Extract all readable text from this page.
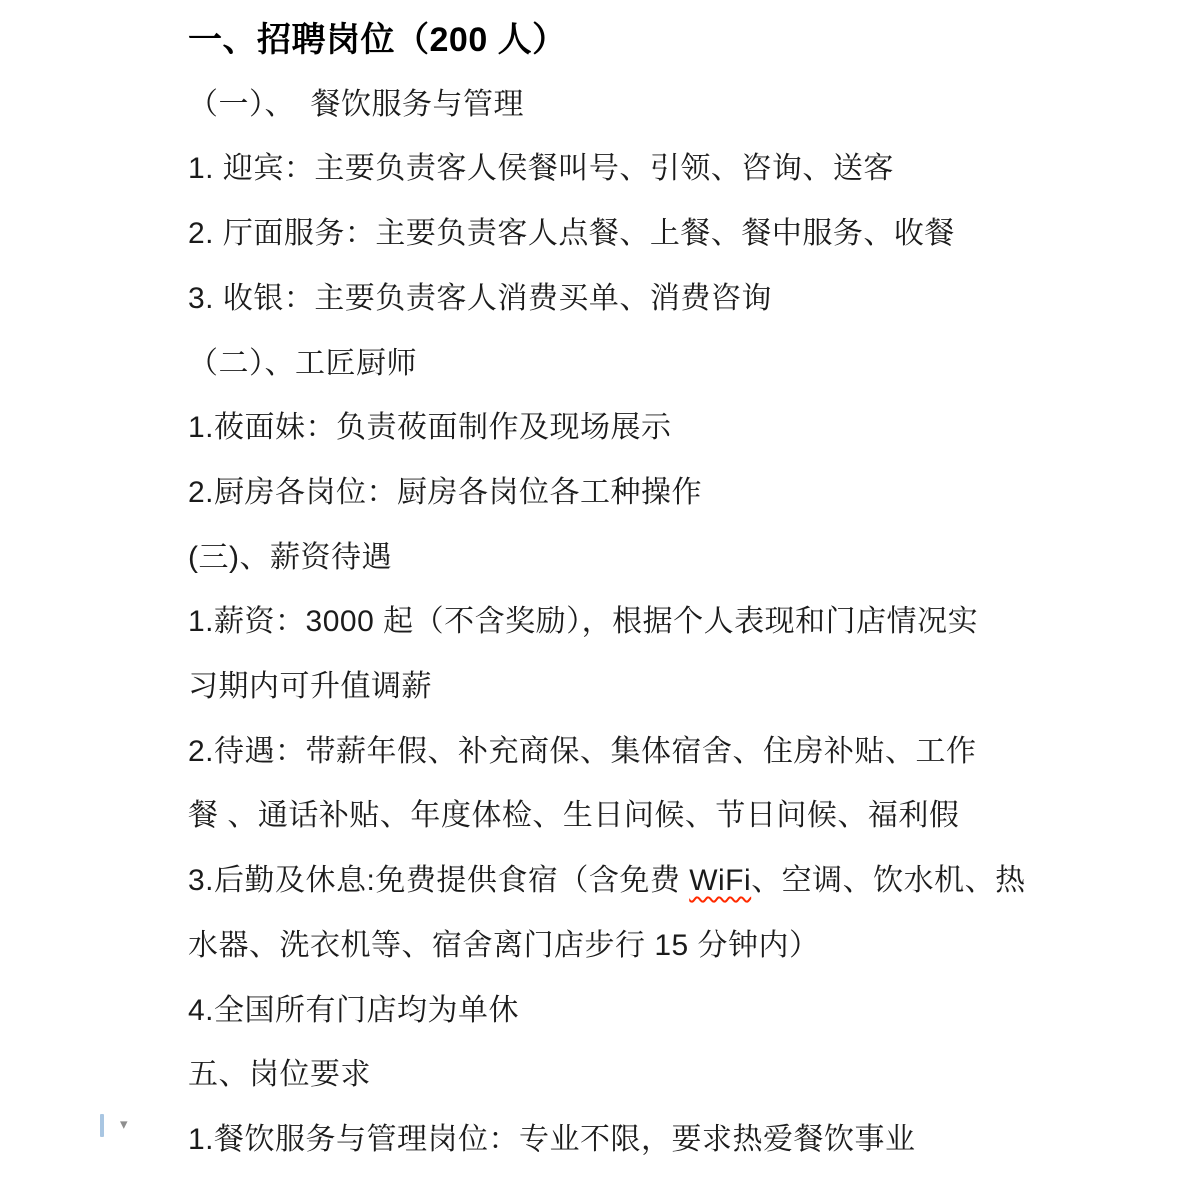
一、招聘岗位（200 人）
（一）、　餐饮服务与管理
1. 迎宾：主要负责客人侯餐叫号、引领、咨询、送客
2. 厅面服务：主要负责客人点餐、上餐、餐中服务、收餐
3. 收银：主要负责客人消费买单、消费咨询
（二）、工匠厨师
1.莜面妹：负责莜面制作及现场展示
2.厨房各岗位：厨房各岗位各工种操作
(三)、薪资待遇
1.薪资：3000 起（不含奖励），根据个人表现和门店情况实
习期内可升值调薪
2.待遇：带薪年假、补充商保、集体宿舍、住房补贴、工作
餐 、通话补贴、年度体检、生日问候、节日问候、福利假
3.后勤及休息:免费提供食宿（含免费 WiFi、空调、饮水机、热
水器、洗衣机等、宿舍离门店步行 15 分钟内）
4.全国所有门店均为单休
五、岗位要求
1.餐饮服务与管理岗位：专业不限，要求热爱餐饮事业
▾
